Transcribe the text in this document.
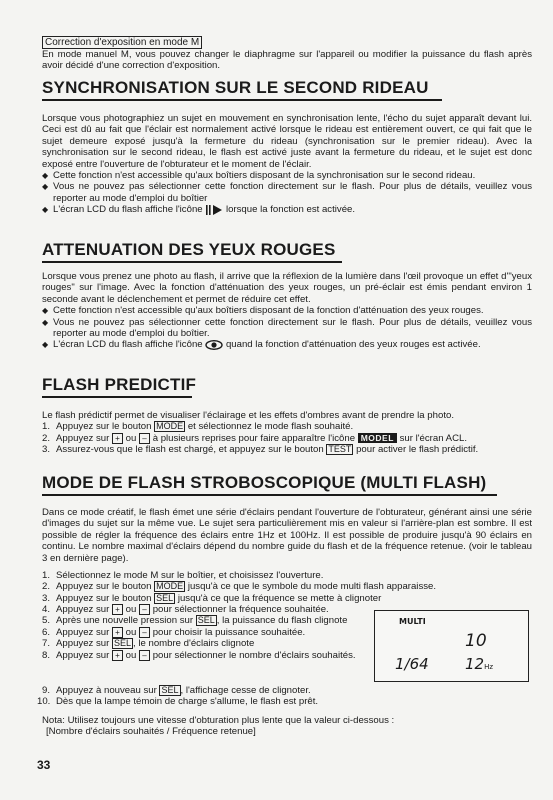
Correction d'exposition en mode M
En mode manuel M, vous pouvez changer le diaphragme sur l'appareil ou modifier la puissance du flash après avoir décidé d'une correction d'exposition.
SYNCHRONISATION SUR LE SECOND RIDEAU
Lorsque vous photographiez un sujet en mouvement en synchronisation lente, l'écho du sujet apparaît devant lui. Ceci est dû au fait que l'éclair est normalement activé lorsque le rideau est entièrement ouvert, ce qui fait que le sujet demeure exposé jusqu'à la fermeture du rideau (synchronisation sur le premier rideau). Avec la synchronisation sur le second rideau, le flash est activé juste avant la fermeture du rideau, et le sujet est donc exposé entre l'ouverture de l'obturateur et le moment de l'éclair.
◆ Cette fonction n'est accessible qu'aux boîtiers disposant de la synchronisation sur le second rideau.
◆ Vous ne pouvez pas sélectionner cette fonction directement sur le flash. Pour plus de détails, veuillez vous reporter au mode d'emploi du boîtier
◆ L'écran LCD du flash affiche l'icône lorsque la fonction est activée.
ATTENUATION DES YEUX ROUGES
Lorsque vous prenez une photo au flash, il arrive que la réflexion de la lumière dans l'œil provoque un effet d'"yeux rouges" sur l'image. Avec la fonction d'atténuation des yeux rouges, un pré-éclair est émis pendant environ 1 seconde avant le déclenchement et permet de réduire cet effet.
◆ Cette fonction n'est accessible qu'aux boîtiers disposant de la fonction d'atténuation des yeux rouges.
◆ Vous ne pouvez pas sélectionner cette fonction directement sur le flash. Pour plus de détails, veuillez vous reporter au mode d'emploi du boîtier.
◆ L'écran LCD du flash affiche l'icône quand la fonction d'atténuation des yeux rouges est activée.
FLASH PREDICTIF
Le flash prédictif permet de visualiser l'éclairage et les effets d'ombres avant de prendre la photo.
1. Appuyez sur le bouton MODE et sélectionnez le mode flash souhaité.
2. Appuyez sur + ou – à plusieurs reprises pour faire apparaître l'icône MODEL sur l'écran ACL.
3. Assurez-vous que le flash est chargé, et appuyez sur le bouton TEST pour activer le flash prédictif.
MODE DE FLASH STROBOSCOPIQUE (MULTI FLASH)
Dans ce mode créatif, le flash émet une série d'éclairs pendant l'ouverture de l'obturateur, générant ainsi une série d'images du sujet sur la même vue. Le sujet sera particulièrement mis en valeur si l'arrière-plan est sombre. Il est possible de régler la fréquence des éclairs entre 1Hz et 100Hz. Il est possible de produire jusqu'à 90 éclairs en continu. Le nombre maximal d'éclairs dépend du nombre guide du flash et de la fréquence retenue. (voir le tableau 3 en dernière page).
1. Sélectionnez le mode M sur le boîtier, et choisissez l'ouverture.
2. Appuyez sur le bouton MODE jusqu'à ce que le symbole du mode multi flash apparaisse.
3. Appuyez sur le bouton SEL jusqu'à ce que la fréquence se mette à clignoter
4. Appuyez sur + ou – pour sélectionner la fréquence souhaitée.
5. Après une nouvelle pression sur SEL , la puissance du flash clignote
6. Appuyez sur + ou – pour choisir la puissance souhaitée.
7. Appuyez sur SEL , le nombre d'éclairs clignote
8. Appuyez sur + ou – pour sélectionner le nombre d'éclairs souhaités.
9. Appuyez à nouveau sur SEL , l'affichage cesse de clignoter.
10. Dès que la lampe témoin de charge s'allume, le flash est prêt.
Nota: Utilisez toujours une vitesse d'obturation plus lente que la valeur ci-dessous :
[Nombre d'éclairs souhaités / Fréquence retenue]
MULTI
10
1/64 12Hz
33
